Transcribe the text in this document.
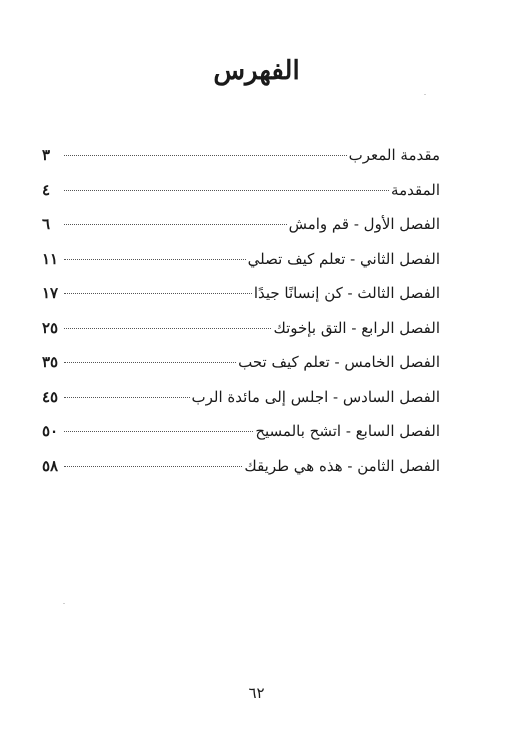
الفهرس
مقدمة المعرب
٣
المقدمة
٤
الفصل الأول - قم وامش
٦
الفصل الثاني - تعلم كيف تصلي
١١
الفصل الثالث - كن إنسانًا جيدًا
١٧
الفصل الرابع - التق بإخوتك
٢٥
الفصل الخامس - تعلم كيف تحب
٣٥
الفصل السادس - اجلس إلى مائدة الرب
٤٥
الفصل السابع - اتشح بالمسيح
٥٠
الفصل الثامن - هذه هي طريقك
٥٨
٦٢
